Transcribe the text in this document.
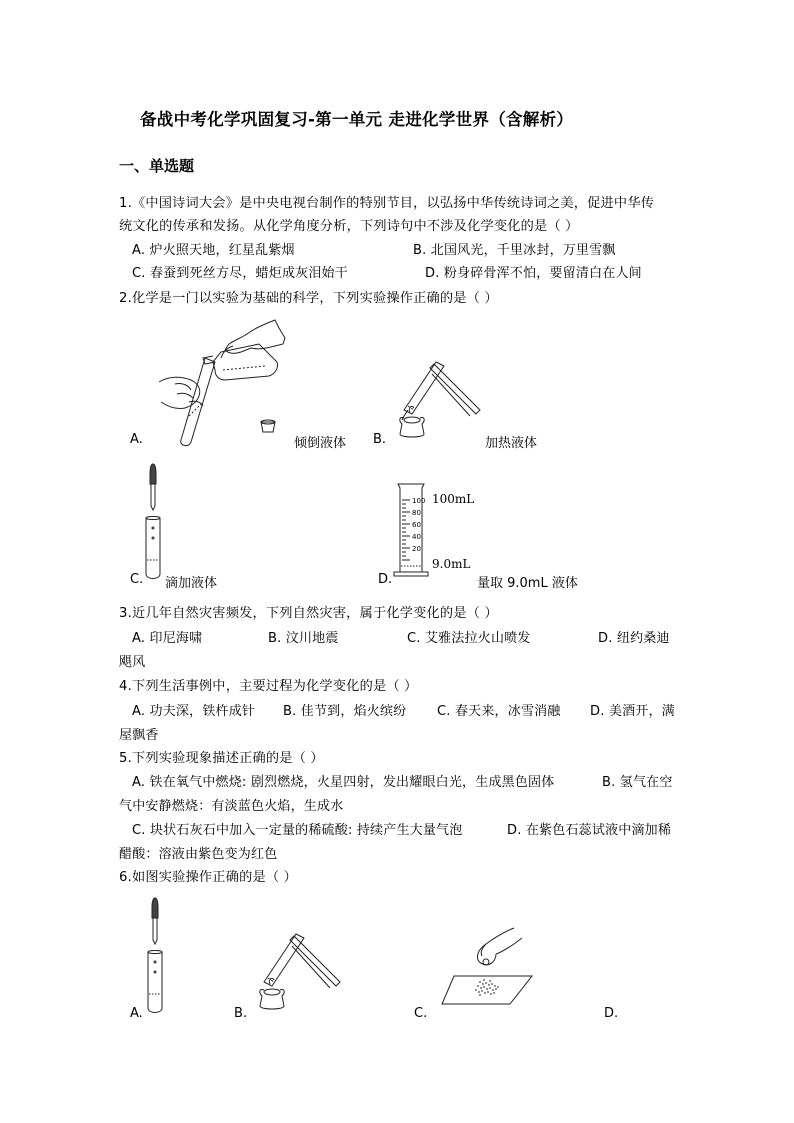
备战中考化学巩固复习-第一单元 走进化学世界（含解析）
一、单选题
1.《中国诗词大会》是中央电视台制作的特别节目，以弘扬中华传统诗词之美，促进中华传
统文化的传承和发扬。从化学角度分析，下列诗句中不涉及化学变化的是（ ）
A. 炉火照天地，红星乱紫烟	B. 北国风光，千里冰封，万里雪飘
C. 春蚕到死丝方尽，蜡炬成灰泪始干	D. 粉身碎骨浑不怕，要留清白在人间
2.化学是一门以实验为基础的科学，下列实验操作正确的是（ ）
A.	倾倒液体 B.	加热液体
C. 滴加液体
100
80
60
40
20
100mL
9.0mL
D.	量取 9.0mL 液体
3.近几年自然灾害频发，下列自然灾害，属于化学变化的是（ ）
A. 印尼海啸	B. 汶川地震	C. 艾雅法拉火山喷发	D. 纽约桑迪
飓风
4.下列生活事例中，主要过程为化学变化的是（ ）
A. 功夫深，铁杵成针 B. 佳节到，焰火缤纷 C. 春天来，冰雪消融 D. 美酒开，满
屋飘香
5.下列实验现象描述正确的是（ ）
A. 铁在氧气中燃烧: 剧烈燃烧，火星四射，发出耀眼白光，生成黑色固体	B. 氢气在空
气中安静燃烧：有淡蓝色火焰，生成水
C. 块状石灰石中加入一定量的稀硫酸: 持续产生大量气泡	D. 在紫色石蕊试液中滴加稀
醋酸：溶液由紫色变为红色
6.如图实验操作正确的是（ ）
A.	B.	C.	D.
